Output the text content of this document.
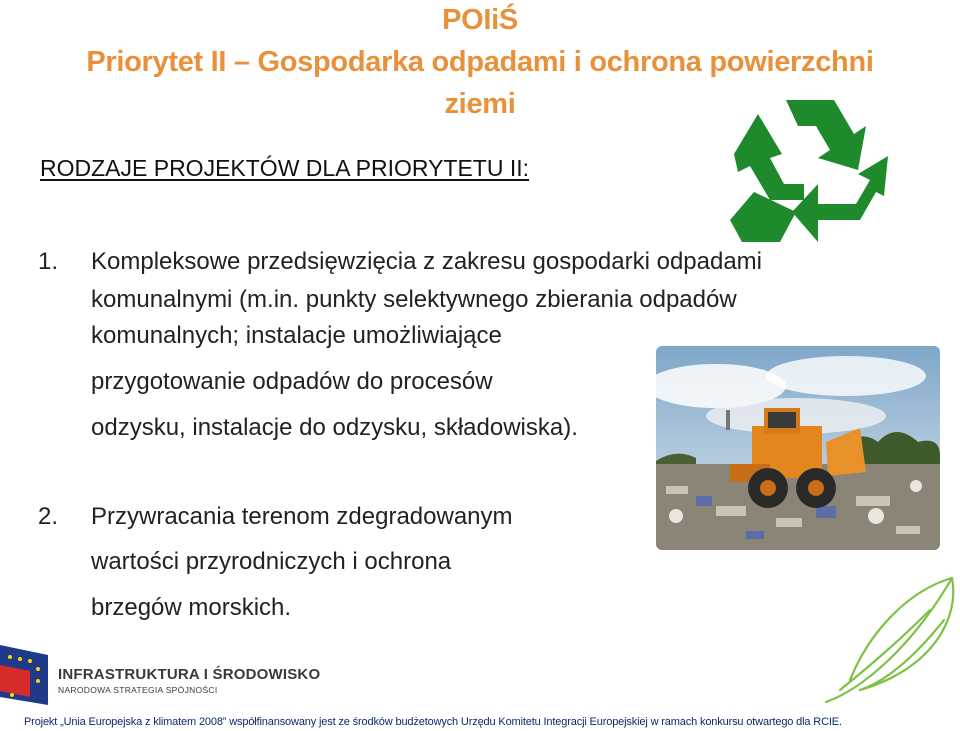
POIiŚ
Priorytet II – Gospodarka odpadami i ochrona powierzchni
ziemi
RODZAJE PROJEKTÓW DLA PRIORYTETU II:
1. Kompleksowe przedsięwzięcia z zakresu gospodarki odpadami
komunalnymi (m.in. punkty selektywnego zbierania odpadów
komunalnych; instalacje umożliwiające
przygotowanie odpadów do procesów
odzysku, instalacje do odzysku, składowiska).
2. Przywracania terenom zdegradowanym
wartości przyrodniczych i ochrona
brzegów morskich.
INFRASTRUKTURA I ŚRODOWISKO
NARODOWA STRATEGIA SPÓJNOŚCI
Projekt „Unia Europejska z klimatem 2008” współfinansowany jest ze środków budżetowych Urzędu Komitetu Integracji Europejskiej w ramach konkursu otwartego dla RCIE.
